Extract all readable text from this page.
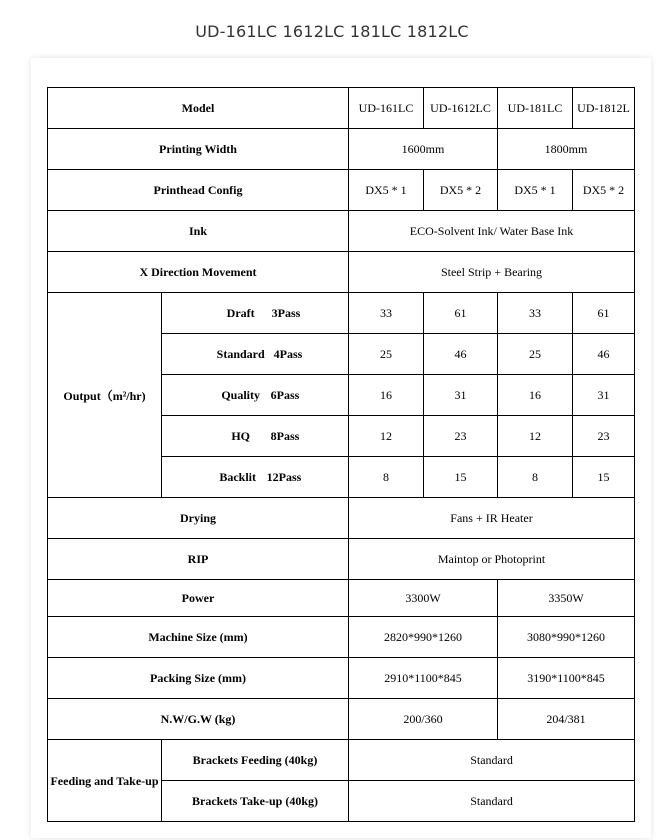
UD-161LC 1612LC 181LC 1812LC
Model		UD-161LC	UD-1612LC	UD-181LC	UD-1812L
Printing Width		1600mm		1800mm	
Printhead Config		DX5 * 1	DX5 * 2	DX5 * 1	DX5 * 2
Ink		ECO-Solvent Ink/ Water Base Ink			
X Direction Movement		Steel Strip + Bearing			
Output（m²/hr)	Draft 3Pass	33	61	33	61
	Standard 4Pass	25	46	25	46
	Quality 6Pass	16	31	16	31
	HQ 8Pass	12	23	12	23
	Backlit 12Pass	8	15	8	15
Drying		Fans + IR Heater			
RIP		Maintop or Photoprint			
Power		3300W		3350W	
Machine Size (mm)		2820*990*1260		3080*990*1260	
Packing Size (mm)		2910*1100*845		3190*1100*845	
N.W/G.W (kg)		200/360		204/381	
Feeding and Take-up	Brackets Feeding (40kg)	Standard			
	Brackets Take-up (40kg)	Standard			
